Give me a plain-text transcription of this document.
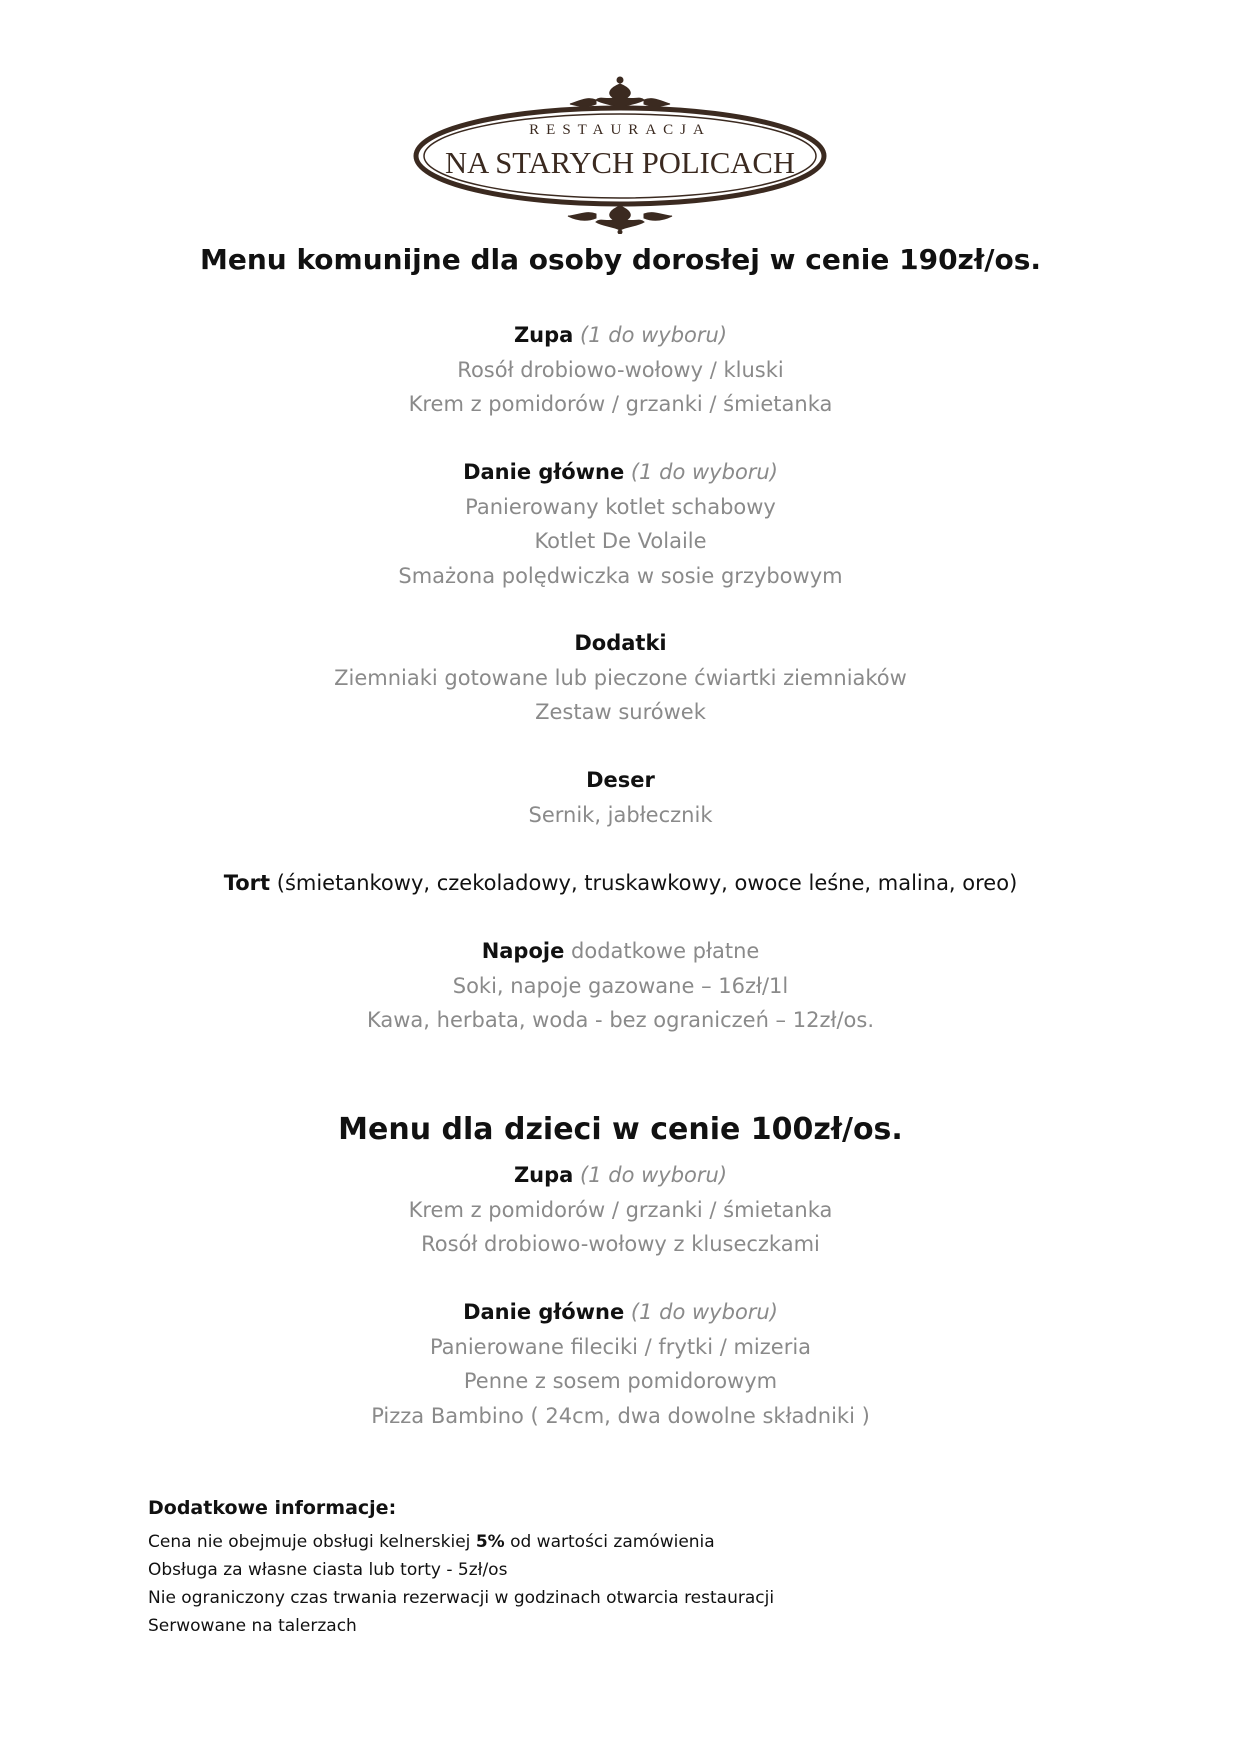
RESTAURACJA
NA STARYCH POLICACH
Menu komunijne dla osoby dorosłej w cenie 190zł/os.
Zupa (1 do wyboru)
Rosół drobiowo-wołowy / kluski
Krem z pomidorów / grzanki / śmietanka
Danie główne (1 do wyboru)
Panierowany kotlet schabowy
Kotlet De Volaile
Smażona polędwiczka w sosie grzybowym
Dodatki
Ziemniaki gotowane lub pieczone ćwiartki ziemniaków
Zestaw surówek
Deser
Sernik, jabłecznik
Tort (śmietankowy, czekoladowy, truskawkowy, owoce leśne, malina, oreo)
Napoje dodatkowe płatne
Soki, napoje gazowane – 16zł/1l
Kawa, herbata, woda - bez ograniczeń – 12zł/os.
Menu dla dzieci w cenie 100zł/os.
Zupa (1 do wyboru)
Krem z pomidorów / grzanki / śmietanka
Rosół drobiowo-wołowy z kluseczkami
Danie główne (1 do wyboru)
Panierowane fileciki / frytki / mizeria
Penne z sosem pomidorowym
Pizza Bambino ( 24cm, dwa dowolne składniki )
Dodatkowe informacje:
Cena nie obejmuje obsługi kelnerskiej 5% od wartości zamówienia
Obsługa za własne ciasta lub torty - 5zł/os
Nie ograniczony czas trwania rezerwacji w godzinach otwarcia restauracji
Serwowane na talerzach
